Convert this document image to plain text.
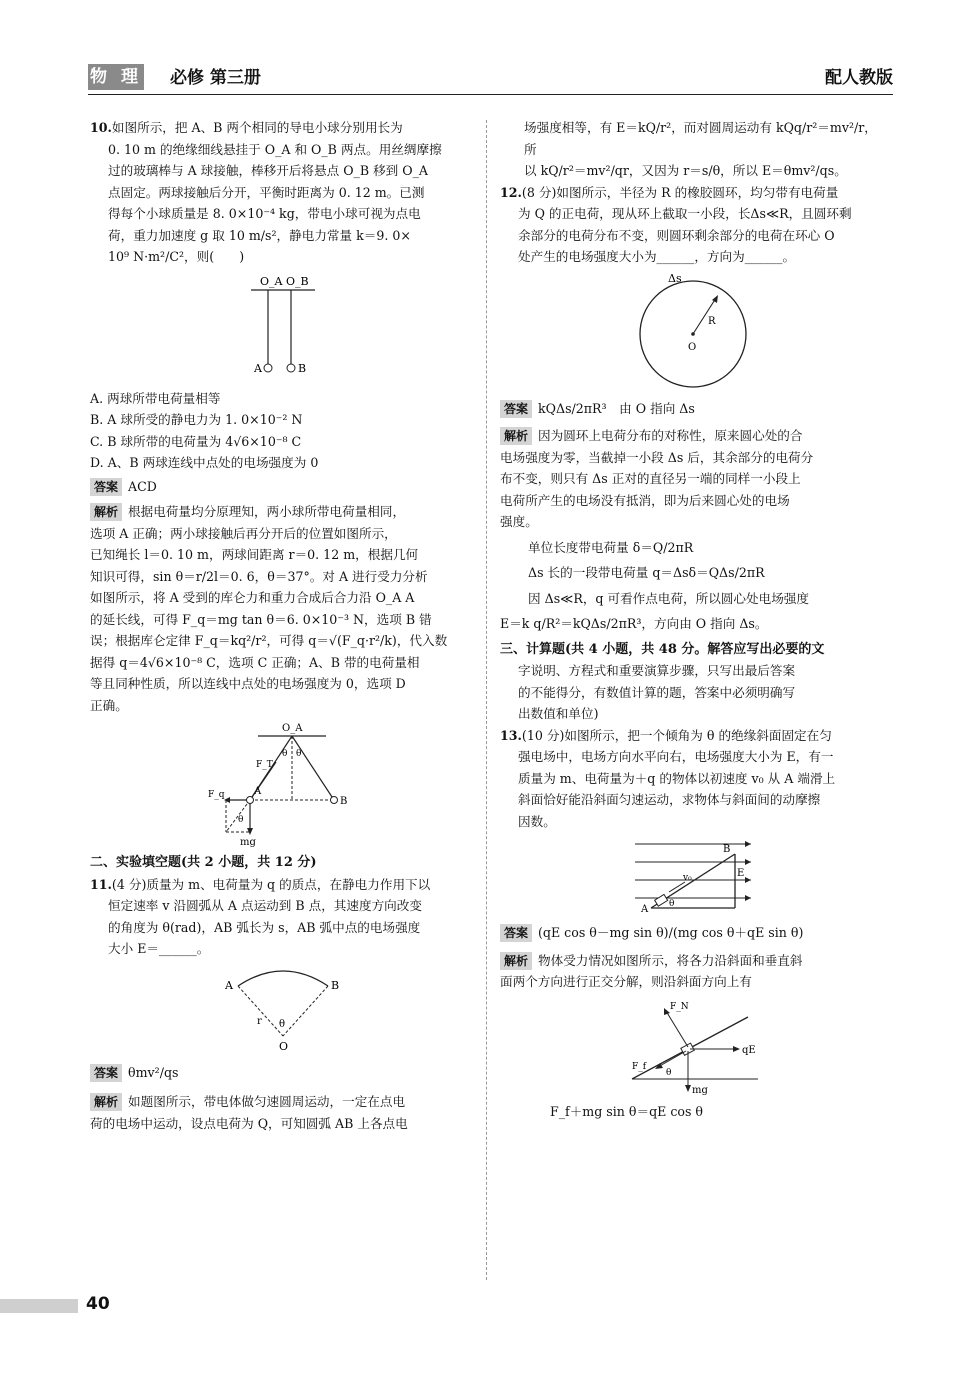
物 理 必修 第三册	配人教版

10.如图所示，把 A、B 两个相同的导电小球分别用长为

0. 10 m 的绝缘细线悬挂于 O_A 和 O_B 两点。用丝绸摩擦

过的玻璃棒与 A 球接触，棒移开后将悬点 O_B 移到 O_A

点固定。两球接触后分开，平衡时距离为 0. 12 m。已测

得每个小球质量是 8. 0×10⁻⁴ kg，带电小球可视为点电

荷，重力加速度 g 取 10 m/s²，静电力常量 k＝9. 0×

10⁹ N·m²/C²，则(　　)

O_A O_B
A	B

A. 两球所带电荷量相等

B. A 球所受的静电力为 1. 0×10⁻² N

C. B 球所带的电荷量为 4√6×10⁻⁸ C

D. A、B 两球连线中点处的电场强度为 0

答案 ACD

解析 根据电荷量均分原理知，两小球所带电荷量相同，

选项 A 正确；两小球接触后再分开后的位置如图所示，

已知绳长 l＝0. 10 m，两球间距离 r＝0. 12 m，根据几何

知识可得，sin θ＝r/2l＝0. 6，θ＝37°。对 A 进行受力分析

如图所示，将 A 受到的库仑力和重力合成后合力沿 O_A A

的延长线，可得 F_q＝mg tan θ＝6. 0×10⁻³ N，选项 B 错

误；根据库仑定律 F_q＝kq²/r²，可得 q＝√(F_q·r²/k)，代入数

据得 q＝4√6×10⁻⁸ C，选项 C 正确；A、B 带的电荷量相

等且同种性质，所以连线中点处的电场强度为 0，选项 D

正确。

O_A
F_T
θ θ
F_q	A
B
θ
mg

二、实验填空题(共 2 小题，共 12 分)

11.(4 分)质量为 m、电荷量为 q 的质点，在静电力作用下以

恒定速率 v 沿圆弧从 A 点运动到 B 点，其速度方向改变

的角度为 θ(rad)，AB 弧长为 s，AB 弧中点的电场强度

大小 E＝______。

A	B
r θ
O

答案 θmv²/qs

解析 如题图所示，带电体做匀速圆周运动，一定在点电

荷的电场中运动，设点电荷为 Q，可知圆弧 AB 上各点电

场强度相等，有 E＝kQ/r²，而对圆周运动有 kQq/r²＝mv²/r，所

以 kQ/r²＝mv²/qr，又因为 r＝s/θ，所以 E＝θmv²/qs。

12.(8 分)如图所示，半径为 R 的橡胶圆环，均匀带有电荷量

为 Q 的正电荷，现从环上截取一小段，长Δs≪R，且圆环剩

余部分的电荷分布不变，则圆环剩余部分的电荷在环心 O

处产生的电场强度大小为______，方向为______。

Δs
R
O

答案 kQΔs/2πR³　由 O 指向 Δs

解析 因为圆环上电荷分布的对称性，原来圆心处的合

电场强度为零，当截掉一小段 Δs 后，其余部分的电荷分

布不变，则只有 Δs 正对的直径另一端的同样一小段上

电荷所产生的电场没有抵消，即为后来圆心处的电场

强度。

单位长度带电荷量 δ＝Q/2πR

Δs 长的一段带电荷量 q＝Δsδ＝QΔs/2πR

因 Δs≪R，q 可看作点电荷，所以圆心处电场强度

E＝k q/R²＝kQΔs/2πR³，方向由 O 指向 Δs。

三、计算题(共 4 小题，共 48 分。解答应写出必要的文

字说明、方程式和重要演算步骤，只写出最后答案

的不能得分，有数值计算的题，答案中必须明确写

出数值和单位)

13.(10 分)如图所示，把一个倾角为 θ 的绝缘斜面固定在匀

强电场中，电场方向水平向右，电场强度大小为 E，有一

质量为 m、电荷量为＋q 的物体以初速度 v₀ 从 A 端滑上

斜面恰好能沿斜面匀速运动，求物体与斜面间的动摩擦

因数。

B
E
v₀
A θ

答案 (qE cos θ－mg sin θ)/(mg cos θ＋qE sin θ)

解析 物体受力情况如图所示，将各力沿斜面和垂直斜

面两个方向进行正交分解，则沿斜面方向上有

F_N
qE
F_f
θ
mg

F_f＋mg sin θ＝qE cos θ

40
